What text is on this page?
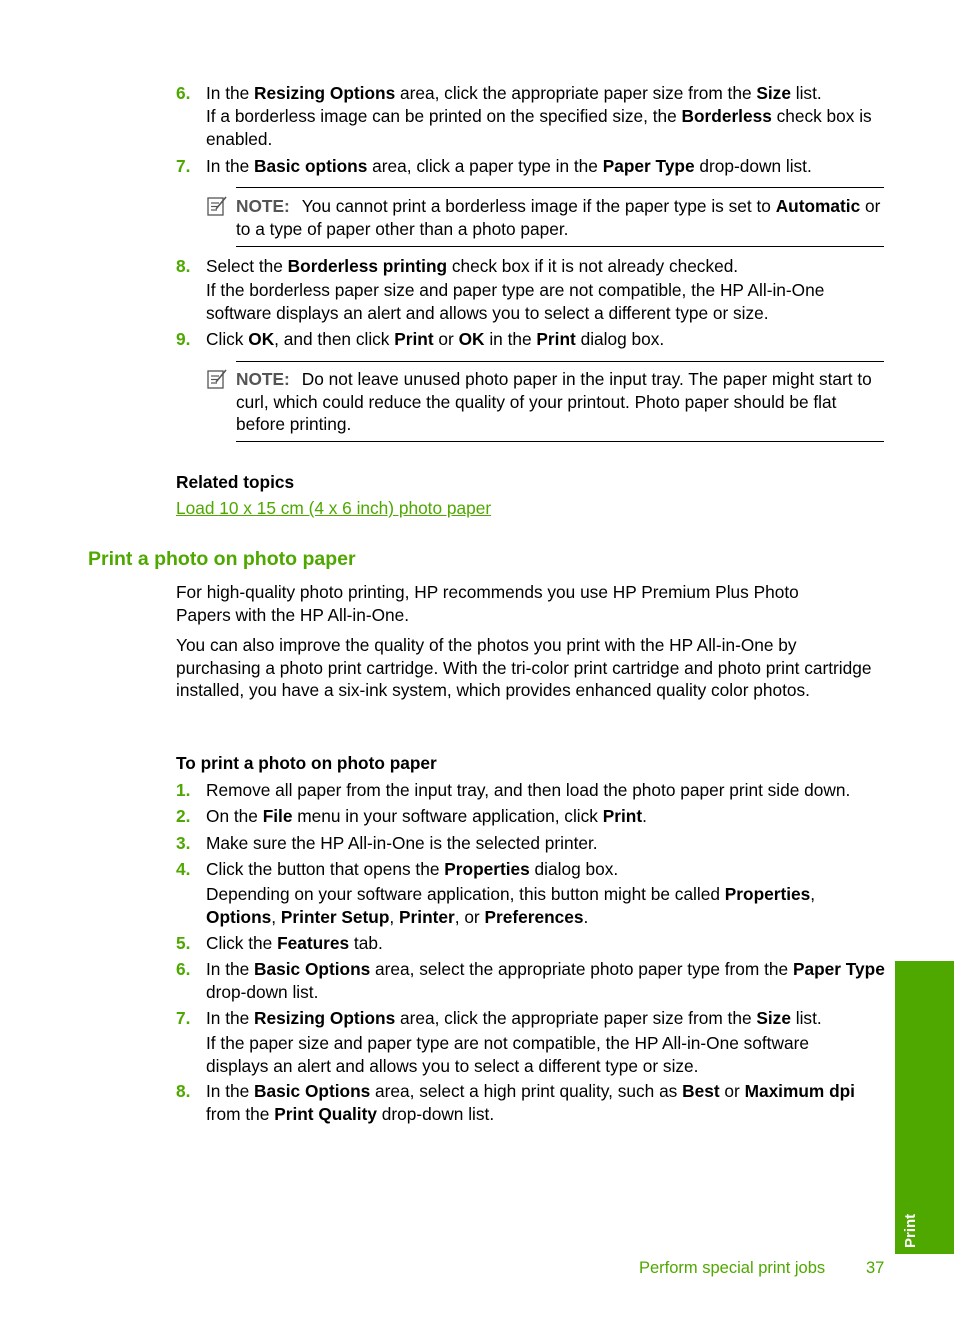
6. In the Resizing Options area, click the appropriate paper size from the Size list.
If a borderless image can be printed on the specified size, the Borderless check box is enabled.
7. In the Basic options area, click a paper type in the Paper Type drop-down list.
NOTE: You cannot print a borderless image if the paper type is set to Automatic or to a type of paper other than a photo paper.
8. Select the Borderless printing check box if it is not already checked.
If the borderless paper size and paper type are not compatible, the HP All-in-One software displays an alert and allows you to select a different type or size.
9. Click OK, and then click Print or OK in the Print dialog box.
NOTE: Do not leave unused photo paper in the input tray. The paper might start to curl, which could reduce the quality of your printout. Photo paper should be flat before printing.
Related topics
Load 10 x 15 cm (4 x 6 inch) photo paper
Print a photo on photo paper
For high-quality photo printing, HP recommends you use HP Premium Plus Photo Papers with the HP All-in-One.
You can also improve the quality of the photos you print with the HP All-in-One by purchasing a photo print cartridge. With the tri-color print cartridge and photo print cartridge installed, you have a six-ink system, which provides enhanced quality color photos.
To print a photo on photo paper
1. Remove all paper from the input tray, and then load the photo paper print side down.
2. On the File menu in your software application, click Print.
3. Make sure the HP All-in-One is the selected printer.
4. Click the button that opens the Properties dialog box.
Depending on your software application, this button might be called Properties, Options, Printer Setup, Printer, or Preferences.
5. Click the Features tab.
6. In the Basic Options area, select the appropriate photo paper type from the Paper Type drop-down list.
7. In the Resizing Options area, click the appropriate paper size from the Size list.
If the paper size and paper type are not compatible, the HP All-in-One software displays an alert and allows you to select a different type or size.
8. In the Basic Options area, select a high print quality, such as Best or Maximum dpi from the Print Quality drop-down list.
Print
Perform special print jobs 37
